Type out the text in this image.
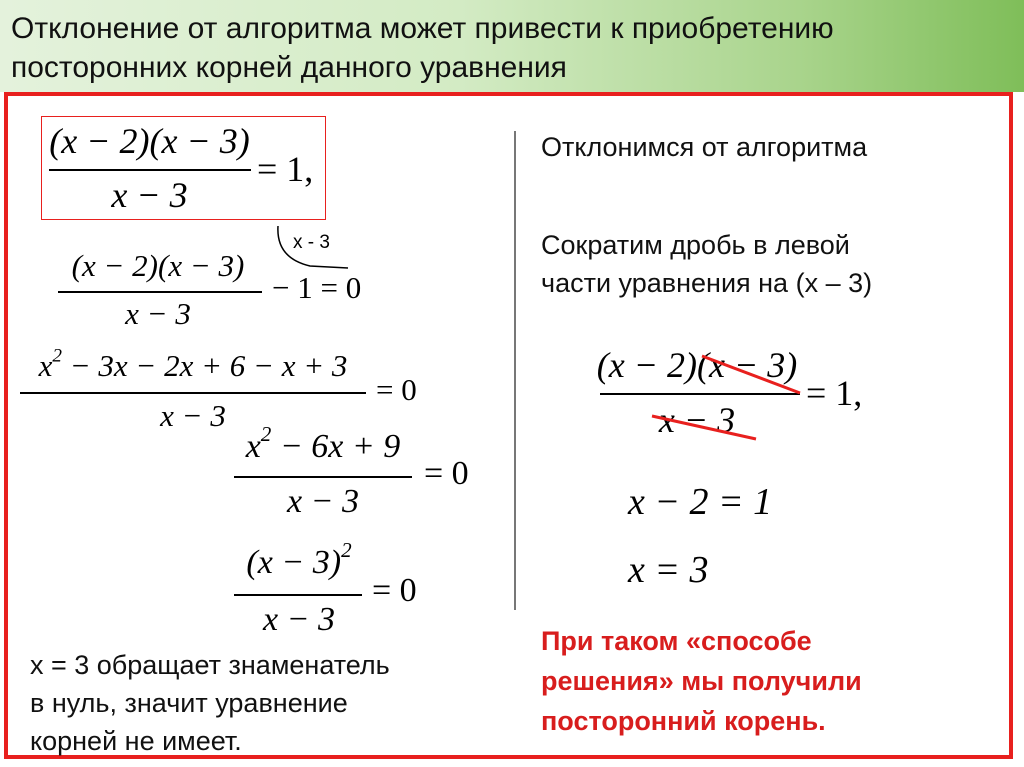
Отклонение от алгоритма может привести к приобретению
посторонних корней данного уравнения
(x − 2)(x − 3)
x − 3
= 1,
x - 3
(x − 2)(x − 3)
x − 3
− 1 = 0
$x^2 - 3x - 2x + 6 - x + 3$
x − 3
= 0
$x^2 - 6x + 9$
x − 3
= 0
$(x - 3)^2$
x − 3
= 0
x = 3 обращает знаменатель
в нуль, значит уравнение
корней не имеет.
Отклонимся от алгоритма
Сократим дробь в левой
части уравнения на (х – 3)
(x − 2)(x − 3)
x − 3
= 1,
x − 2 = 1
x = 3
При таком «способе
решения» мы получили
посторонний корень.
